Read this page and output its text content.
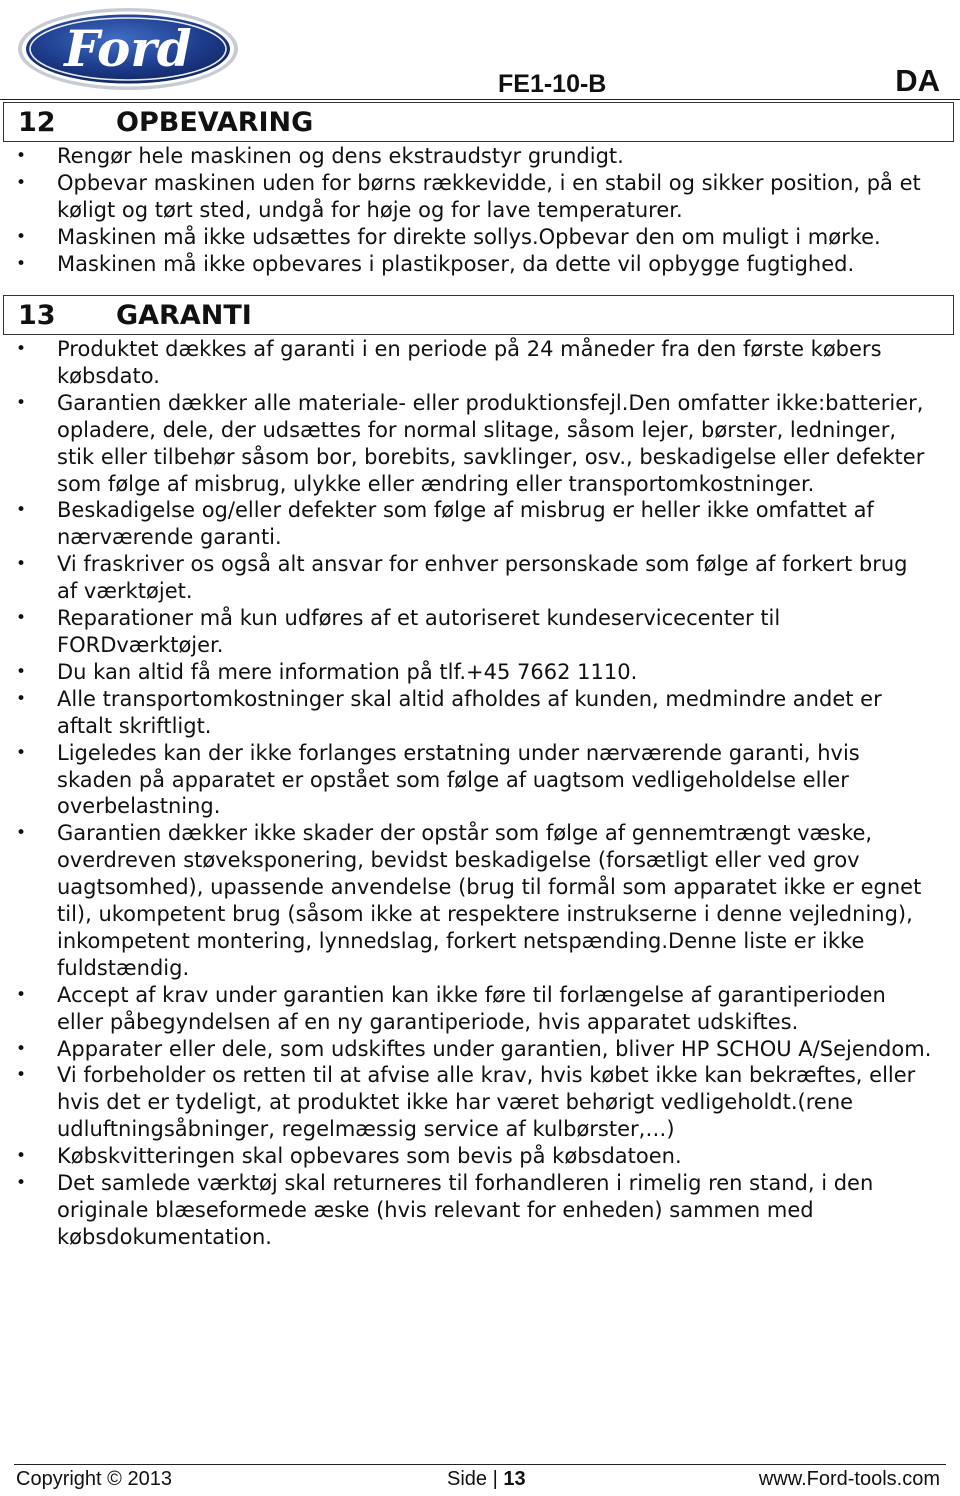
Ford
FE1-10-B	DA
12 OPBEVARING
• Rengør hele maskinen og dens ekstraudstyr grundigt.
• Opbevar maskinen uden for børns rækkevidde, i en stabil og sikker position, på et køligt og tørt sted, undgå for høje og for lave temperaturer.
• Maskinen må ikke udsættes for direkte sollys.Opbevar den om muligt i mørke.
• Maskinen må ikke opbevares i plastikposer, da dette vil opbygge fugtighed.
13 GARANTI
• Produktet dækkes af garanti i en periode på 24 måneder fra den første købers købsdato.
• Garantien dækker alle materiale- eller produktionsfejl.Den omfatter ikke:batterier, opladere, dele, der udsættes for normal slitage, såsom lejer, børster, ledninger, stik eller tilbehør såsom bor, borebits, savklinger, osv., beskadigelse eller defekter som følge af misbrug, ulykke eller ændring eller transportomkostninger.
• Beskadigelse og/eller defekter som følge af misbrug er heller ikke omfattet af nærværende garanti.
• Vi fraskriver os også alt ansvar for enhver personskade som følge af forkert brug af værktøjet.
• Reparationer må kun udføres af et autoriseret kundeservicecenter til FORDværktøjer.
• Du kan altid få mere information på tlf.+45 7662 1110.
• Alle transportomkostninger skal altid afholdes af kunden, medmindre andet er aftalt skriftligt.
• Ligeledes kan der ikke forlanges erstatning under nærværende garanti, hvis skaden på apparatet er opstået som følge af uagtsom vedligeholdelse eller overbelastning.
• Garantien dækker ikke skader der opstår som følge af gennemtrængt væske, overdreven støveksponering, bevidst beskadigelse (forsætligt eller ved grov uagtsomhed), upassende anvendelse (brug til formål som apparatet ikke er egnet til), ukompetent brug (såsom ikke at respektere instrukserne i denne vejledning), inkompetent montering, lynnedslag, forkert netspænding.Denne liste er ikke fuldstændig.
• Accept af krav under garantien kan ikke føre til forlængelse af garantiperioden eller påbegyndelsen af en ny garantiperiode, hvis apparatet udskiftes.
• Apparater eller dele, som udskiftes under garantien, bliver HP SCHOU A/Sejendom.
• Vi forbeholder os retten til at afvise alle krav, hvis købet ikke kan bekræftes, eller hvis det er tydeligt, at produktet ikke har været behørigt vedligeholdt.(rene udluftningsåbninger, regelmæssig service af kulbørster,…)
• Købskvitteringen skal opbevares som bevis på købsdatoen.
• Det samlede værktøj skal returneres til forhandleren i rimelig ren stand, i den originale blæseformede æske (hvis relevant for enheden) sammen med købsdokumentation.
Copyright © 2013	Side | 13	www.Ford-tools.com
